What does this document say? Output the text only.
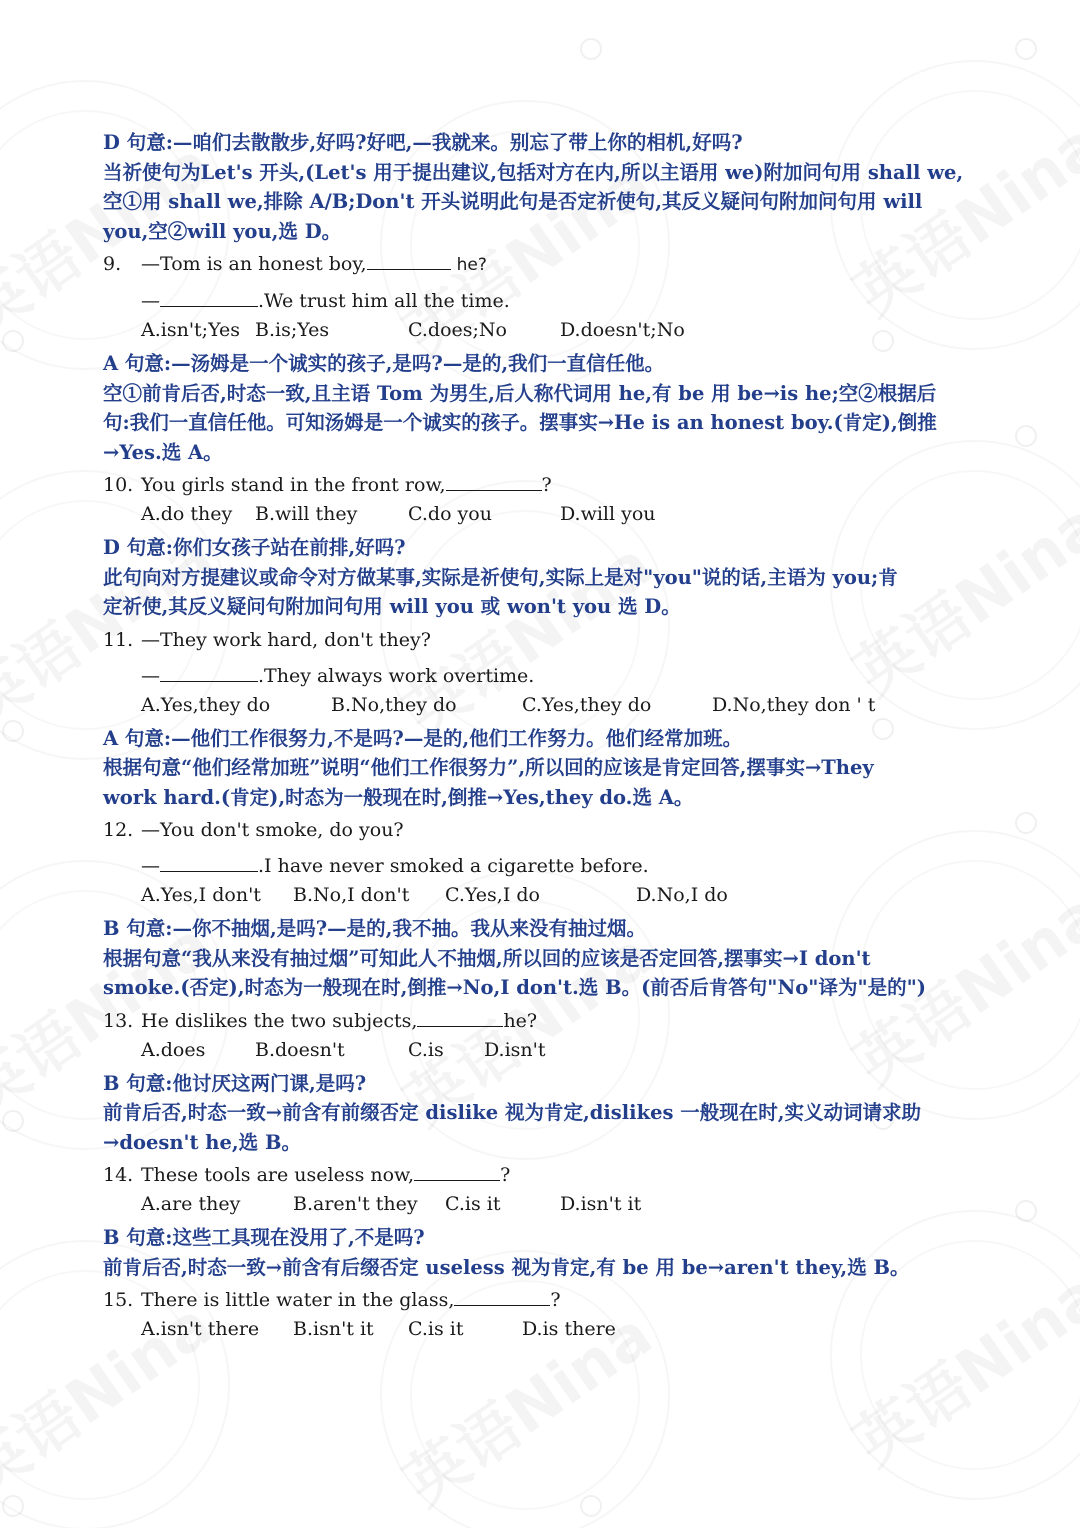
D 句意:—咱们去散散步,好吗?好吧,—我就来。别忘了带上你的相机,好吗?
当祈使句为Let's 开头,(Let's 用于提出建议,包括对方在内,所以主语用 we)附加问句用 shall we,
空①用 shall we,排除 A/B;Don't 开头说明此句是否定祈使句,其反义疑问句附加问句用 will
you,空②will you,选 D。
9. —Tom is an honest boy,	he?
—	.We trust him all the time.
A.isn't;Yes B.is;Yes	C.does;No	D.doesn't;No
A 句意:—汤姆是一个诚实的孩子,是吗?—是的,我们一直信任他。
空①前肯后否,时态一致,且主语 Tom 为男生,后人称代词用 he,有 be 用 be→is he;空②根据后
句:我们一直信任他。可知汤姆是一个诚实的孩子。摆事实→He is an honest boy.(肯定),倒推
→Yes.选 A。
10. You girls stand in the front row,	?
A.do they B.will they	C.do you	D.will you
D 句意:你们女孩子站在前排,好吗?
此句向对方提建议或命令对方做某事,实际是祈使句,实际上是对"you"说的话,主语为 you;肯
定祈使,其反义疑问句附加问句用 will you 或 won't you 选 D。
11. —They work hard, don't they?
—	.They always work overtime.
A.Yes,they do	B.No,they do	C.Yes,they do	D.No,they don ' t
A 句意:—他们工作很努力,不是吗?—是的,他们工作努力。他们经常加班。
根据句意“他们经常加班”说明“他们工作很努力”,所以回的应该是肯定回答,摆事实→They
work hard.(肯定),时态为一般现在时,倒推→Yes,they do.选 A。
12. —You don't smoke, do you?
—	.I have never smoked a cigarette before.
A.Yes,I don't B.No,I don't C.Yes,I do	D.No,I do
B 句意:—你不抽烟,是吗?—是的,我不抽。我从来没有抽过烟。
根据句意“我从来没有抽过烟”可知此人不抽烟,所以回的应该是否定回答,摆事实→I don't
smoke.(否定),时态为一般现在时,倒推→No,I don't.选 B。(前否后肯答句"No"译为"是的")
13. He dislikes the two subjects,	he?
A.does	B.doesn't	C.is D.isn't
B 句意:他讨厌这两门课,是吗?
前肯后否,时态一致→前含有前缀否定 dislike 视为肯定,dislikes 一般现在时,实义动词请求助
→doesn't he,选 B。
14. These tools are useless now,	?
A.are they	B.aren't they C.is it	D.isn't it
B 句意:这些工具现在没用了,不是吗?
前肯后否,时态一致→前含有后缀否定 useless 视为肯定,有 be 用 be→aren't they,选 B。
15. There is little water in the glass,	?
A.isn't there B.isn't it C.is it	D.is there
